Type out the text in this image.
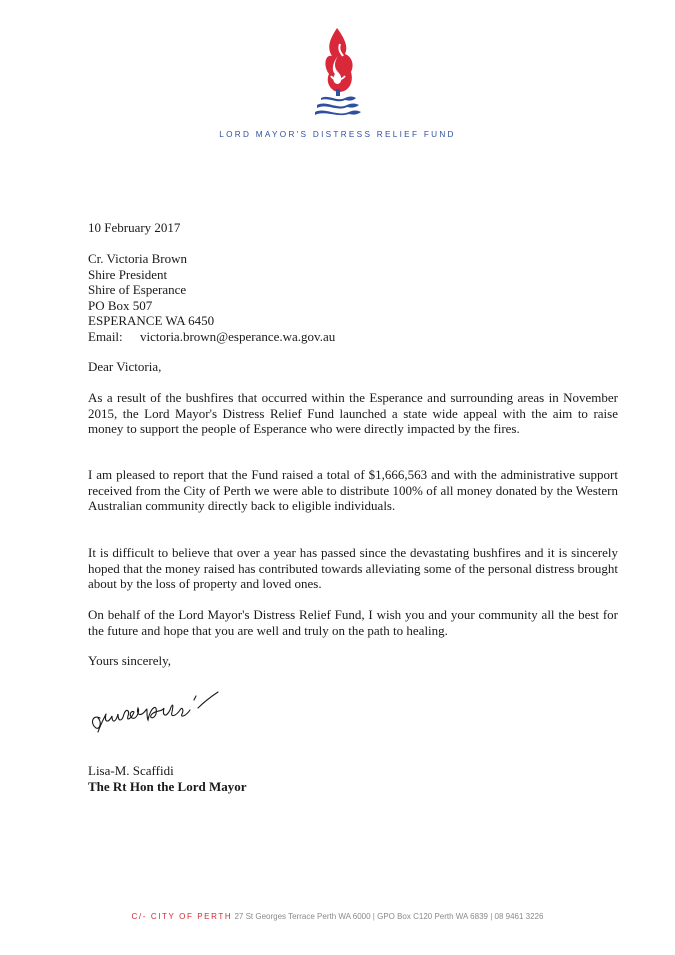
LORD MAYOR'S DISTRESS RELIEF FUND
10 February 2017
Cr. Victoria Brown
Shire President
Shire of Esperance
PO Box 507
ESPERANCE WA 6450
Email: victoria.brown@esperance.wa.gov.au
Dear Victoria,
As a result of the bushfires that occurred within the Esperance and surrounding areas in November 2015, the Lord Mayor's Distress Relief Fund launched a state wide appeal with the aim to raise money to support the people of Esperance who were directly impacted by the fires.
I am pleased to report that the Fund raised a total of $1,666,563 and with the administrative support received from the City of Perth we were able to distribute 100% of all money donated by the Western Australian community directly back to eligible individuals.
It is difficult to believe that over a year has passed since the devastating bushfires and it is sincerely hoped that the money raised has contributed towards alleviating some of the personal distress brought about by the loss of property and loved ones.
On behalf of the Lord Mayor's Distress Relief Fund, I wish you and your community all the best for the future and hope that you are well and truly on the path to healing.
Yours sincerely,
Lisa-M. Scaffidi
The Rt Hon the Lord Mayor
C/- CITY OF PERTH 27 St Georges Terrace Perth WA 6000 | GPO Box C120 Perth WA 6839 | 08 9461 3226
